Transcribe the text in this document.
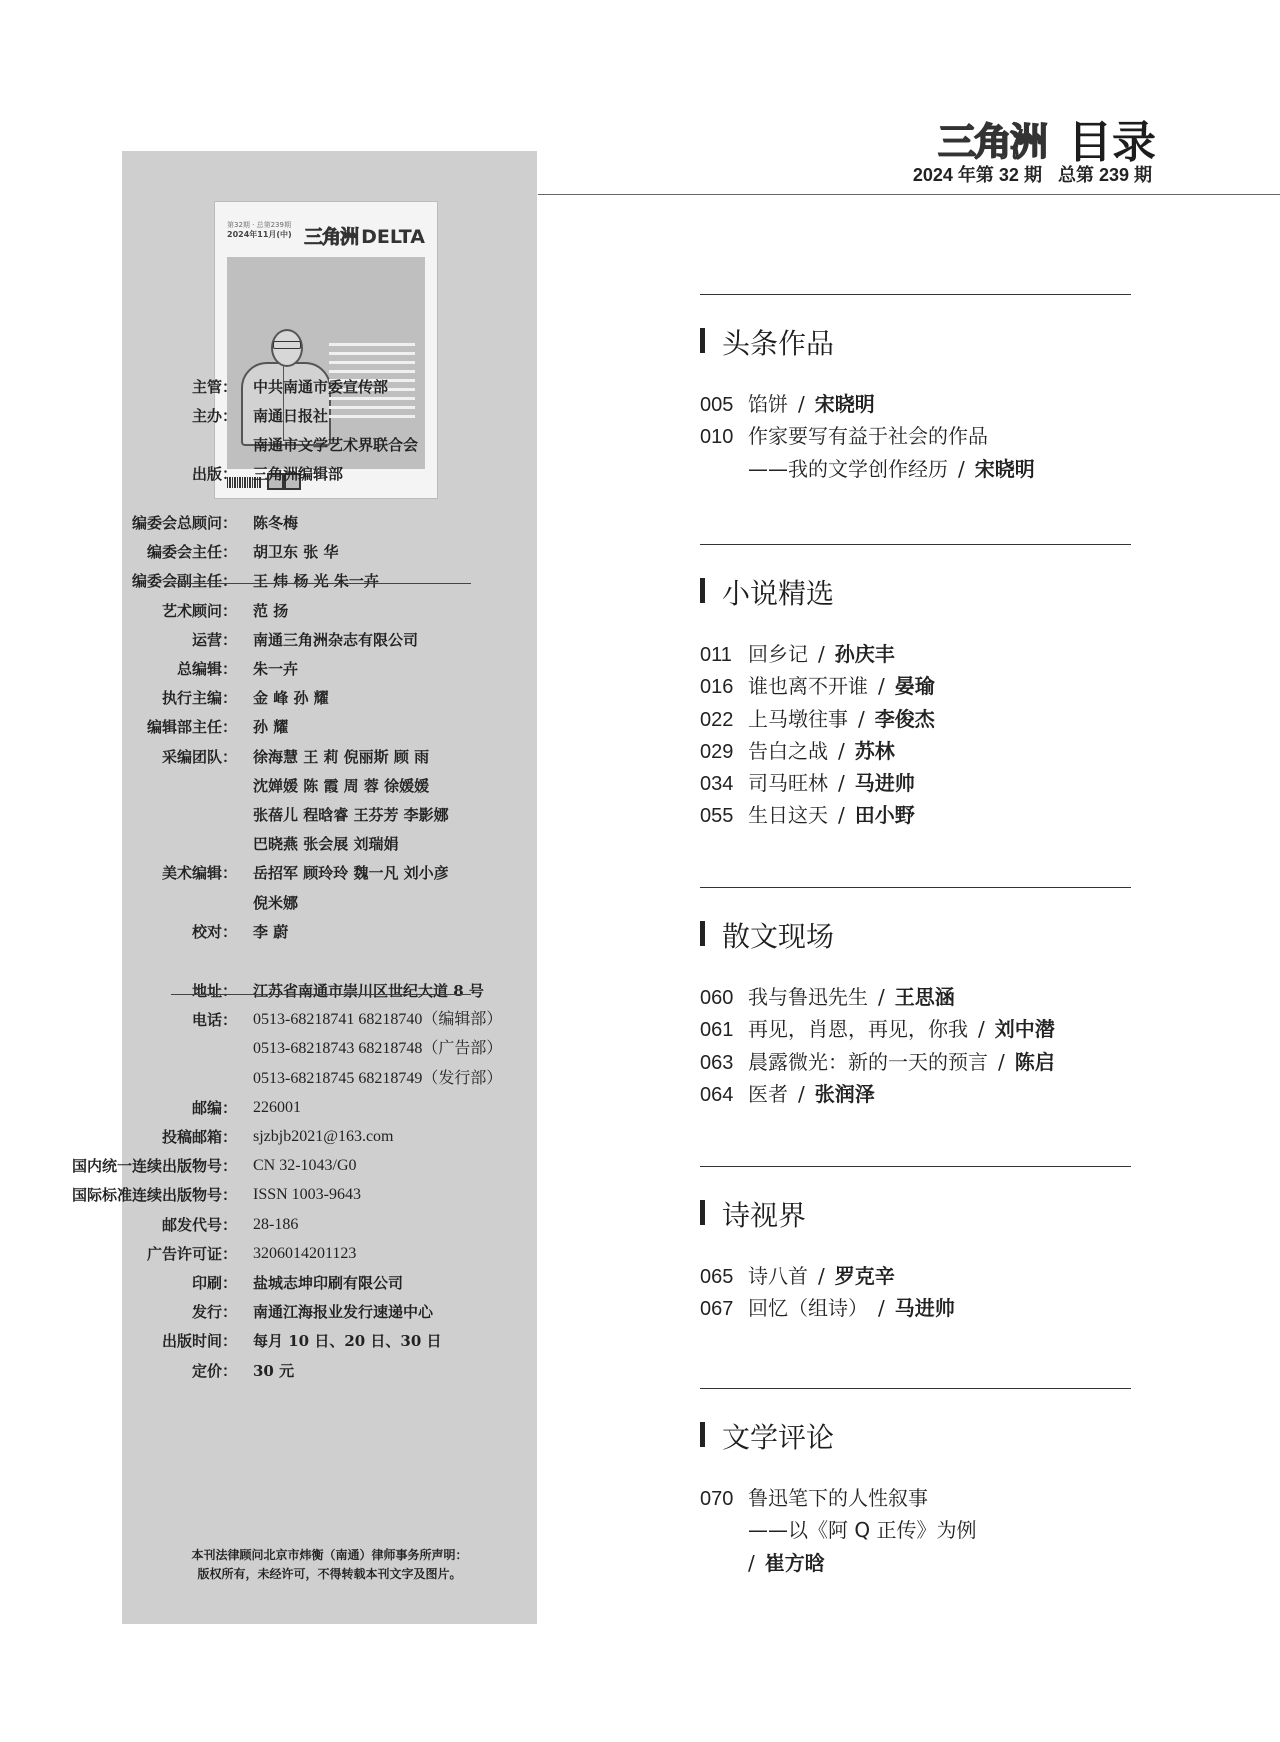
三角洲 目录
2024 年第 32 期 总第 239 期
第32期 · 总第239期

2024年11月(中) 三角洲 DELTA
主管： 中共南通市委宣传部
主办： 南通日报社
南通市文学艺术界联合会
出版： 三角洲编辑部
编委会总顾问： 陈冬梅
编委会主任： 胡卫东 张 华
编委会副主任： 王 炜 杨 光 朱一卉
艺术顾问： 范 扬
运营： 南通三角洲杂志有限公司
总编辑： 朱一卉
执行主编： 金 峰 孙 耀
编辑部主任： 孙 耀
采编团队： 徐海慧 王 莉 倪丽斯 顾 雨
沈婵媛 陈 霞 周 蓉 徐媛媛
张蓓儿 程晗睿 王芬芳 李影娜
巴晓燕 张会展 刘瑞娟
美术编辑： 岳招军 顾玲玲 魏一凡 刘小彦
倪米娜
校对： 李 蔚
地址： 江苏省南通市崇川区世纪大道 8 号
电话： 0513-68218741 68218740（编辑部）
0513-68218743 68218748（广告部）
0513-68218745 68218749（发行部）
邮编： 226001
投稿邮箱： sjzbjb2021@163.com
国内统一连续出版物号： CN 32-1043/G0
国际标准连续出版物号： ISSN 1003-9643
邮发代号： 28-186
广告许可证： 3206014201123
印刷： 盐城志坤印刷有限公司
发行： 南通江海报业发行速递中心
出版时间： 每月 10 日、20 日、30 日
定价： 30 元
本刊法律顾问北京市炜衡（南通）律师事务所声明：
版权所有，未经许可，不得转载本刊文字及图片。
头条作品
005 馅饼 / 宋晓明
010 作家要写有益于社会的作品
——我的文学创作经历 / 宋晓明
小说精选
011 回乡记 / 孙庆丰
016 谁也离不开谁 / 晏瑜
022 上马墩往事 / 李俊杰
029 告白之战 / 苏林
034 司马旺林 / 马进帅
055 生日这天 / 田小野
散文现场
060 我与鲁迅先生 / 王思涵
061 再见，肖恩，再见，你我 / 刘中潜
063 晨露微光：新的一天的预言 / 陈启
064 医者 / 张润泽
诗视界
065 诗八首 / 罗克辛
067 回忆（组诗） / 马进帅
文学评论
070 鲁迅笔下的人性叙事
——以《阿 Q 正传》为例
/ 崔方晗
